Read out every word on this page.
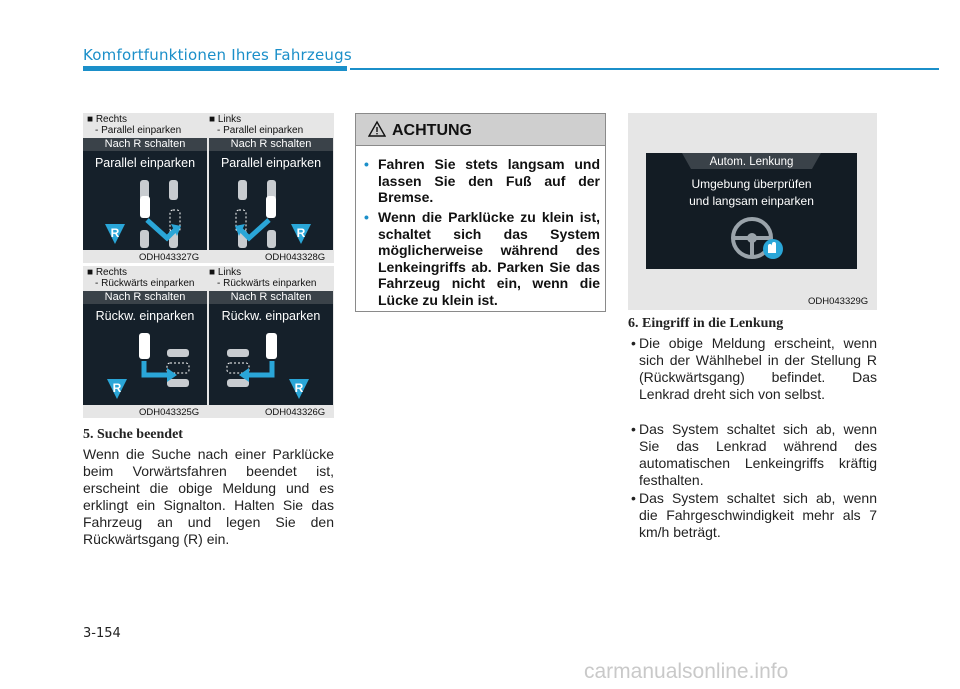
Komfortfunktionen Ihres Fahrzeugs
■ Rechts
- Parallel einparken
■ Links
- Parallel einparken
Nach R schalten
Parallel einparken
R
Nach R schalten
Parallel einparken
R
ODH043327G	ODH043328G
■ Rechts
- Rückwärts einparken
■ Links
- Rückwärts einparken
Nach R schalten
Rückw. einparken
R
Nach R schalten
Rückw. einparken
R
ODH043325G	ODH043326G
5. Suche beendet
Wenn die Suche nach einer Parklücke beim Vorwärtsfahren beendet ist, erscheint die obige Meldung und es erklingt ein Signalton. Halten Sie das Fahrzeug an und legen Sie den Rückwärtsgang (R) ein.
ACHTUNG
• Fahren Sie stets langsam und lassen Sie den Fuß auf der Bremse.
• Wenn die Parklücke zu klein ist, schaltet sich das System möglicherweise während des Lenkeingriffs ab. Parken Sie das Fahrzeug nicht ein, wenn die Lücke zu klein ist.
Autom. Lenkung
Umgebung überprüfen
und langsam einparken
ODH043329G
6. Eingriff in die Lenkung
• Die obige Meldung erscheint, wenn sich der Wählhebel in der Stellung R (Rückwärtsgang) befindet. Das Lenkrad dreht sich von selbst.
• Das System schaltet sich ab, wenn Sie das Lenkrad während des automatischen Lenkeingriffs kräftig festhalten.
• Das System schaltet sich ab, wenn die Fahrgeschwindigkeit mehr als 7 km/h beträgt.
3-154
carmanualsonline.info
